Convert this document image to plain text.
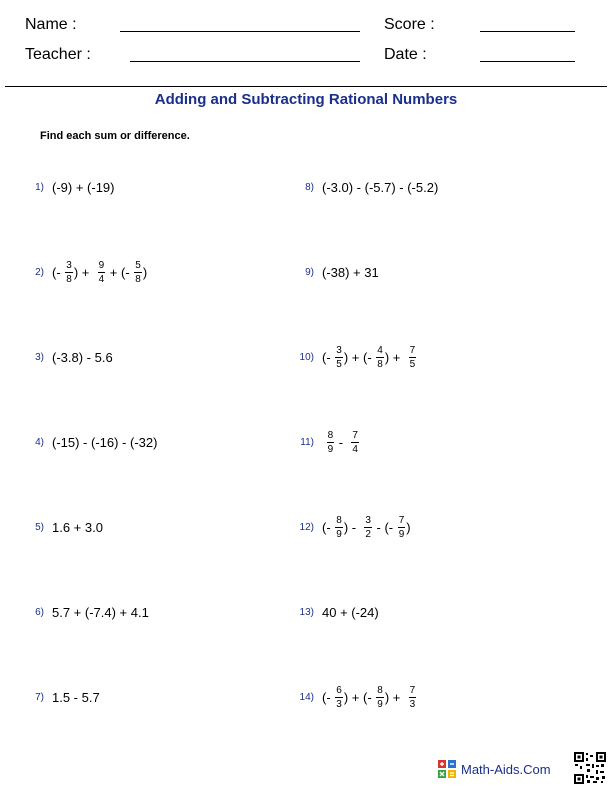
Name :	Score :
Teacher :	Date :
Adding and Subtracting Rational Numbers
Find each sum or difference.
1) (-9) + (-19)
2) (- $\frac{3}{8}$ ) + $\frac{9}{4}$ + (- $\frac{5}{8}$ )
3) (-3.8) - 5.6
4) (-15) - (-16) - (-32)
5) 1.6 + 3.0
6) 5.7 + (-7.4) + 4.1
7) 1.5 - 5.7
8) (-3.0) - (-5.7) - (-5.2)
9) (-38) + 31
10) (- $\frac{3}{5}$ ) + (- $\frac{4}{8}$ ) + $\frac{7}{5}$
11)
$\frac{8}{9} - \frac{7}{4}$
12) (- $\frac{8}{9}$ ) - $\frac{3}{2}$ - (- $\frac{7}{9}$ )
13) 40 + (-24)
14) (- $\frac{6}{3}$ ) + (- $\frac{8}{9}$ ) + $\frac{7}{3}$
Math-Aids.Com
